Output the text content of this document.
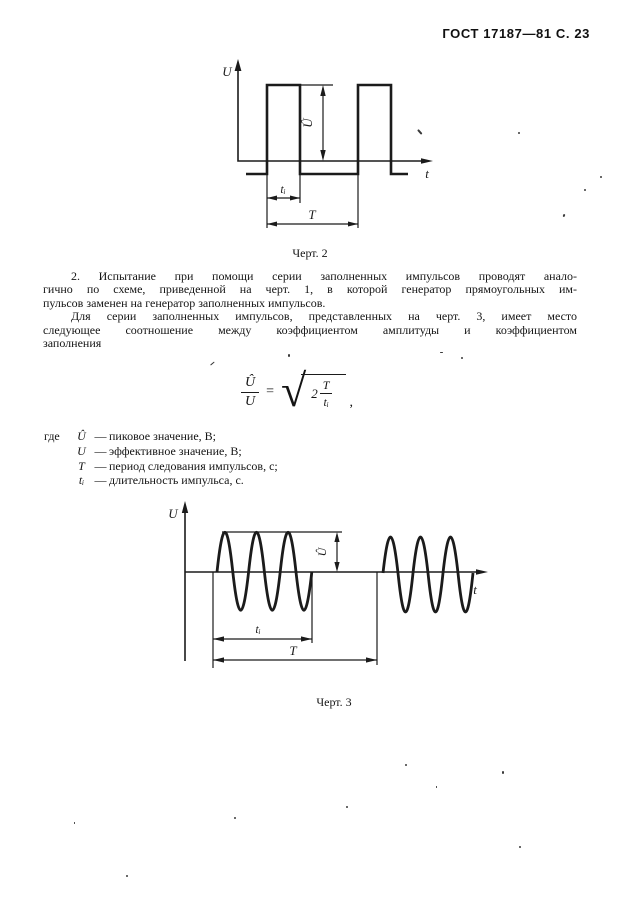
ГОСТ 17187—81 С. 23
U
t
Û
tᵢ
T
Черт. 2
2. Испытание при помощи серии заполненных импульсов проводят анало-
гично по схеме, приведенной на черт. 1, в которой генератор прямоугольных им-
пульсов заменен на генератор заполненных импульсов.
Для серии заполненных импульсов, представленных на черт. 3, имеет место
следующее соотношение между коэффициентом амплитуды и коэффициентом
заполнения
$\frac{Û}{U}$ = √ $2 \frac{T}{\text{tᵢ}}$ ,
где	Û — пиковое значение, В;
U — эффективное значение, В;
T — период следования импульсов, с;
tᵢ — длительность импульса, с.
U
t
Û
tᵢ
T
Черт. 3
